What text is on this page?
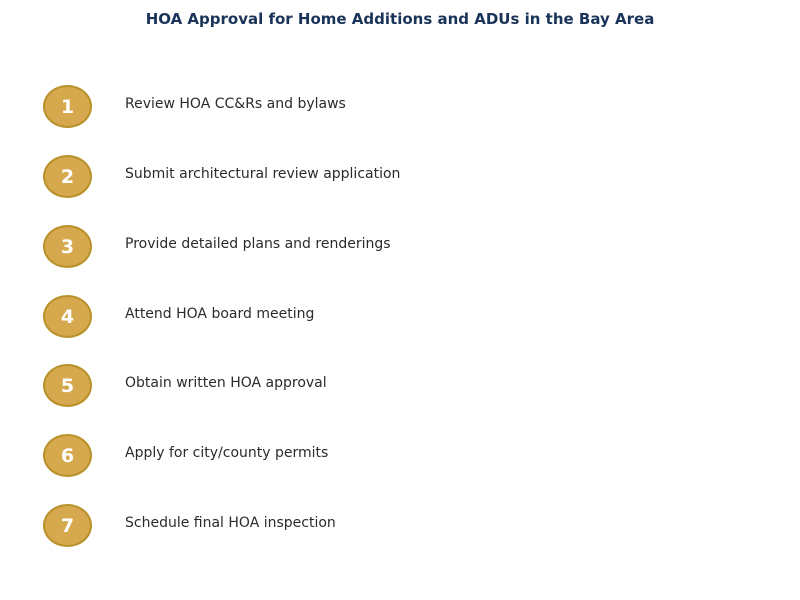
HOA Approval for Home Additions and ADUs in the Bay Area
1	Review HOA CC&Rs and bylaws
2	Submit architectural review application
3	Provide detailed plans and renderings
4	Attend HOA board meeting
5	Obtain written HOA approval
6	Apply for city/county permits
7	Schedule final HOA inspection
